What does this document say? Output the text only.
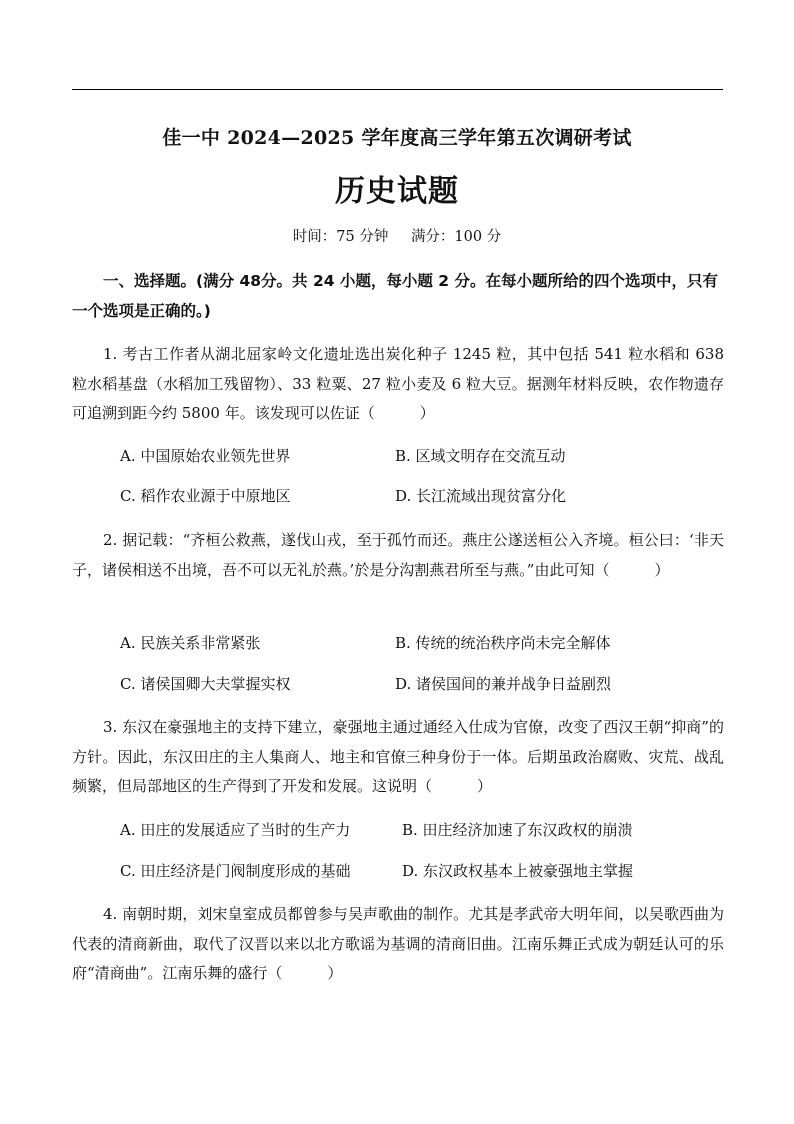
佳一中 2024—2025 学年度高三学年第五次调研考试
历史试题
时间：75 分钟 满分：100 分
一、选择题。(满分 48分。共 24 小题，每小题 2 分。在每小题所给的四个选项中，只有一个选项是正确的。)
1. 考古工作者从湖北屈家岭文化遗址选出炭化种子 1245 粒，其中包括 541 粒水稻和 638 粒水稻基盘（水稻加工残留物）、33 粒粟、27 粒小麦及 6 粒大豆。据测年材料反映，农作物遗存可追溯到距今约 5800 年。该发现可以佐证（　　　）
A. 中国原始农业领先世界	B. 区域文明存在交流互动
C. 稻作农业源于中原地区	D. 长江流域出现贫富分化
2. 据记载：“齐桓公救燕，遂伐山戎，至于孤竹而还。燕庄公遂送桓公入齐境。桓公曰：‘非天子，诸侯相送不出境，吾不可以无礼於燕。’於是分沟割燕君所至与燕。”由此可知（　　　）
A. 民族关系非常紧张	B. 传统的统治秩序尚未完全解体
C. 诸侯国卿大夫掌握实权	D. 诸侯国间的兼并战争日益剧烈
3. 东汉在豪强地主的支持下建立，豪强地主通过通经入仕成为官僚，改变了西汉王朝“抑商”的方针。因此，东汉田庄的主人集商人、地主和官僚三种身份于一体。后期虽政治腐败、灾荒、战乱频繁，但局部地区的生产得到了开发和发展。这说明（　　　）
A. 田庄的发展适应了当时的生产力	B. 田庄经济加速了东汉政权的崩溃
C. 田庄经济是门阀制度形成的基础	D. 东汉政权基本上被豪强地主掌握
4. 南朝时期，刘宋皇室成员都曾参与吴声歌曲的制作。尤其是孝武帝大明年间，以吴歌西曲为代表的清商新曲，取代了汉晋以来以北方歌谣为基调的清商旧曲。江南乐舞正式成为朝廷认可的乐府“清商曲”。江南乐舞的盛行（　　　）
